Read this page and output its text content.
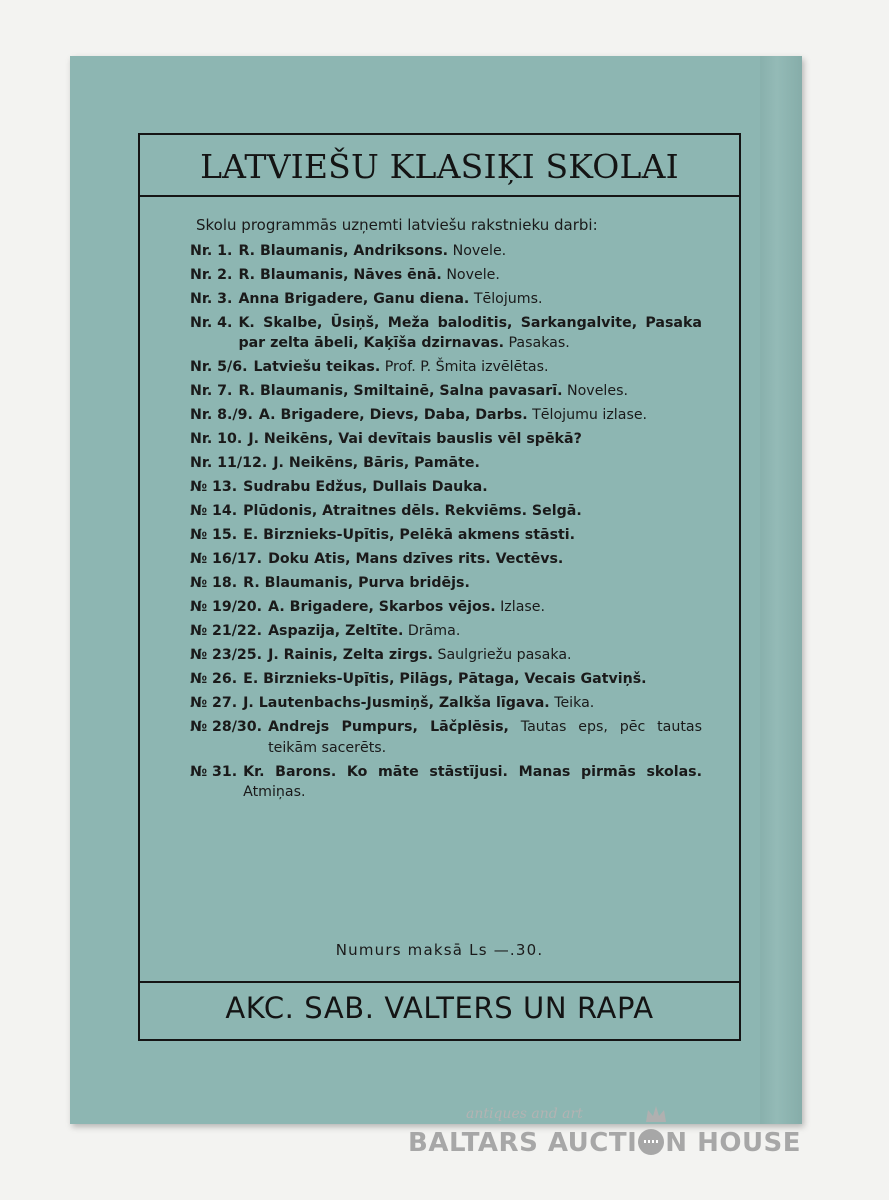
LATVIEŠU KLASIĶI SKOLAI
Skolu programmās uzņemti latviešu rakstnieku darbi:
Nr. 1. R. Blaumanis, Andriksons. Novele.
Nr. 2. R. Blaumanis, Nāves ēnā. Novele.
Nr. 3. Anna Brigadere, Ganu diena. Tēlojums.
Nr. 4. K. Skalbe, Ūsiņš, Meža baloditis, Sarkangalvite, Pasaka par zelta ābeli, Kaķīša dzirnavas. Pasakas.
Nr. 5/6. Latviešu teikas. Prof. P. Šmita izvēlētas.
Nr. 7. R. Blaumanis, Smiltainē, Salna pavasarī. Noveles.
Nr. 8./9. A. Brigadere, Dievs, Daba, Darbs. Tēlojumu izlase.
Nr. 10. J. Neikēns, Vai devītais bauslis vēl spēkā?
Nr. 11/12. J. Neikēns, Bāris, Pamāte.
№ 13. Sudrabu Edžus, Dullais Dauka.
№ 14. Plūdonis, Atraitnes dēls. Rekviēms. Selgā.
№ 15. E. Birznieks-Upītis, Pelēkā akmens stāsti.
№ 16/17. Doku Atis, Mans dzīves rits. Vectēvs.
№ 18. R. Blaumanis, Purva bridējs.
№ 19/20. A. Brigadere, Skarbos vējos. Izlase.
№ 21/22. Aspazija, Zeltīte. Drāma.
№ 23/25. J. Rainis, Zelta zirgs. Saulgriežu pasaka.
№ 26. E. Birznieks-Upītis, Pilāgs, Pātaga, Vecais Gatviņš.
№ 27. J. Lautenbachs-Jusmiņš, Zalkša līgava. Teika.
№ 28/30. Andrejs Pumpurs, Lāčplēsis, Tautas eps, pēc tautas teikām sacerēts.
№ 31. Kr. Barons. Ko māte stāstījusi. Manas pirmās skolas. Atmiņas.
Numurs maksā Ls —.30.
AKC. SAB. VALTERS UN RAPA
antiques and art
BALTARS AUCTI N HOUSE
